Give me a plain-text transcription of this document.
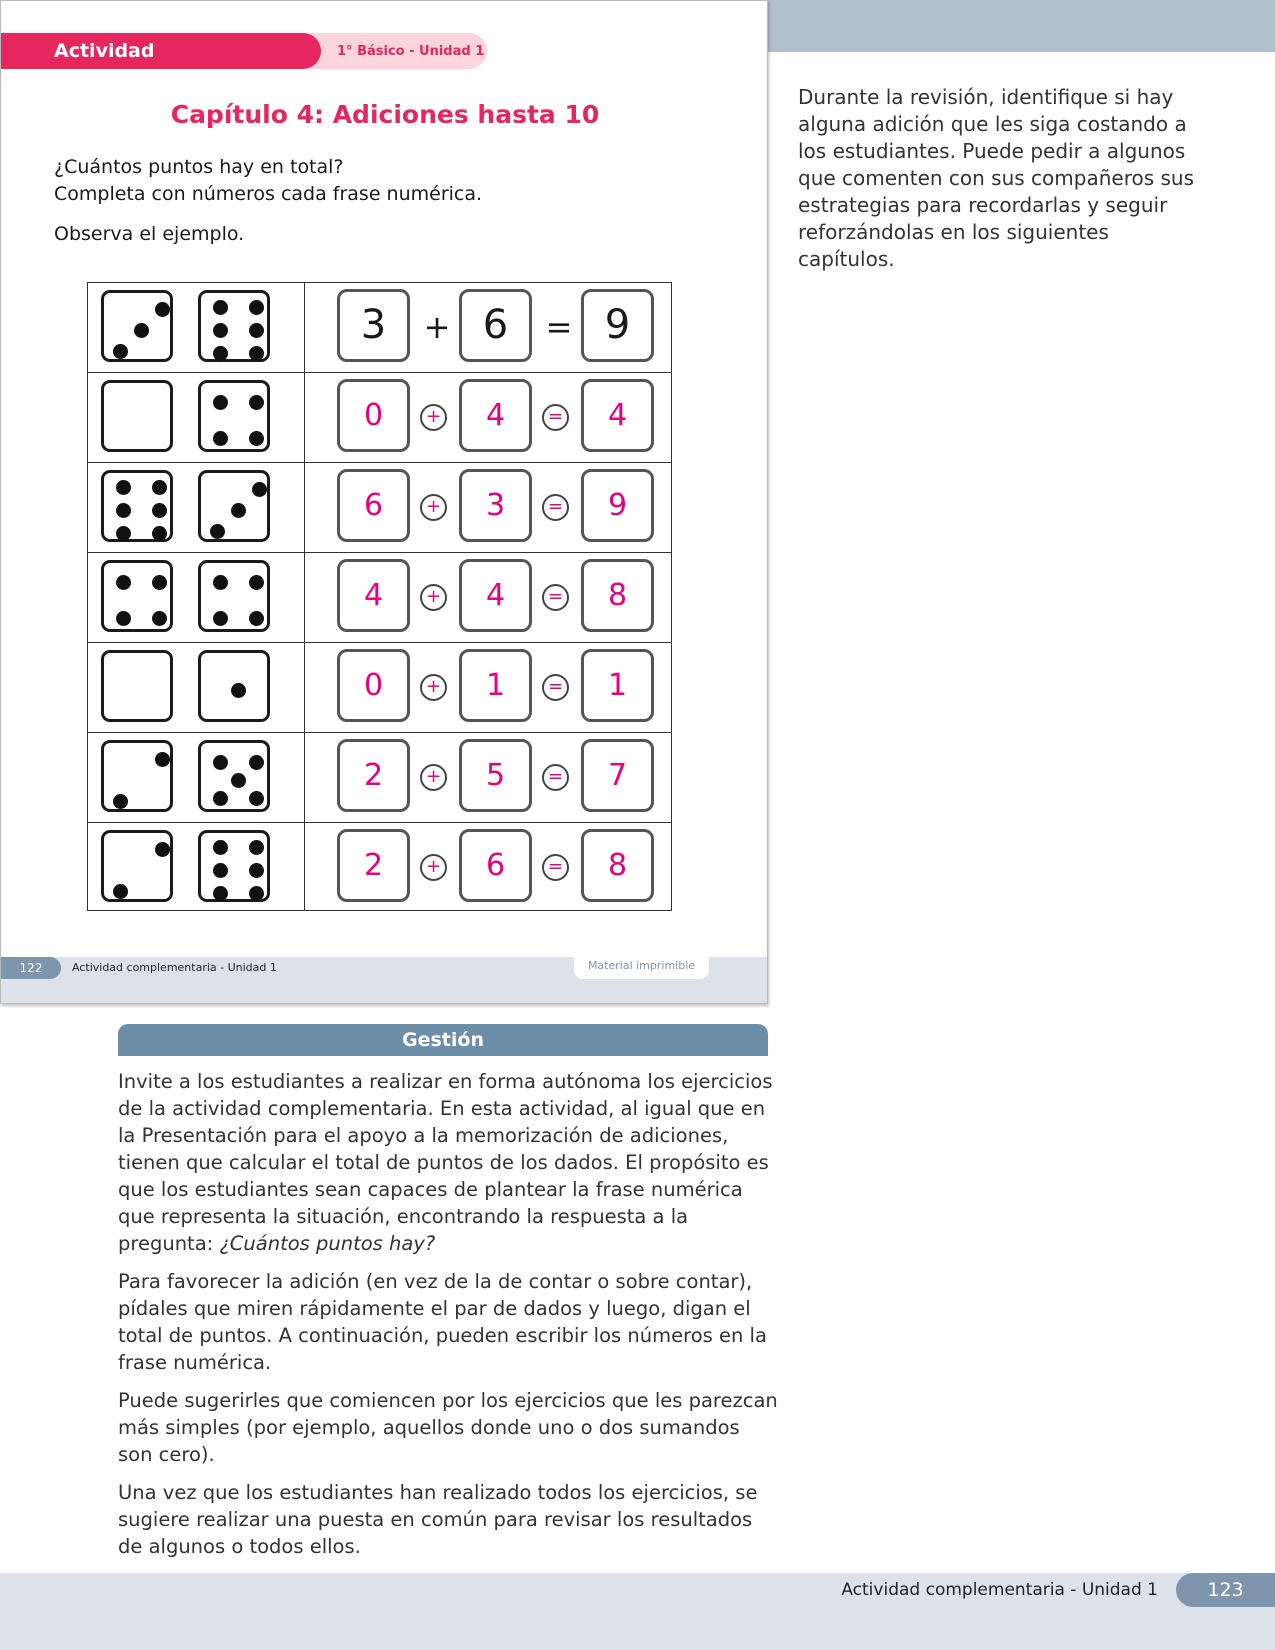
Actividad complementaria
1° Básico - Unidad 1
Capítulo 4: Adiciones hasta 10
¿Cuántos puntos hay en total?
Completa con números cada frase numérica.
Observa el ejemplo.
3	+ 6	= 9
0	+	4	=	4
6	+	3	=	9
4	+	4	=	8
0	+	1	=	1
2	+	5	=	7
2	+	6	=	8
122	Actividad complementaria - Unidad 1	Material imprimible
Durante la revisión, identifique si hay alguna adición que les siga costando a los estudiantes. Puede pedir a algunos que comenten con sus compañeros sus estrategias para recordarlas y seguir reforzándolas en los siguientes capítulos.
Gestión

Invite a los estudiantes a realizar en forma autónoma los ejercicios de la actividad complementaria. En esta actividad, al igual que en la Presentación para el apoyo a la memorización de adiciones, tienen que calcular el total de puntos de los dados. El propósito es que los estudiantes sean capaces de plantear la frase numérica que representa la situación, encontrando la respuesta a la pregunta: ¿Cuántos puntos hay?

Para favorecer la adición (en vez de la de contar o sobre contar), pídales que miren rápidamente el par de dados y luego, digan el total de puntos. A continuación, pueden escribir los números en la frase numérica.

Puede sugerirles que comiencen por los ejercicios que les parezcan más simples (por ejemplo, aquellos donde uno o dos sumandos son cero).

Una vez que los estudiantes han realizado todos los ejercicios, se sugiere realizar una puesta en común para revisar los resultados de algunos o todos ellos.

Actividad complementaria - Unidad 1	123
